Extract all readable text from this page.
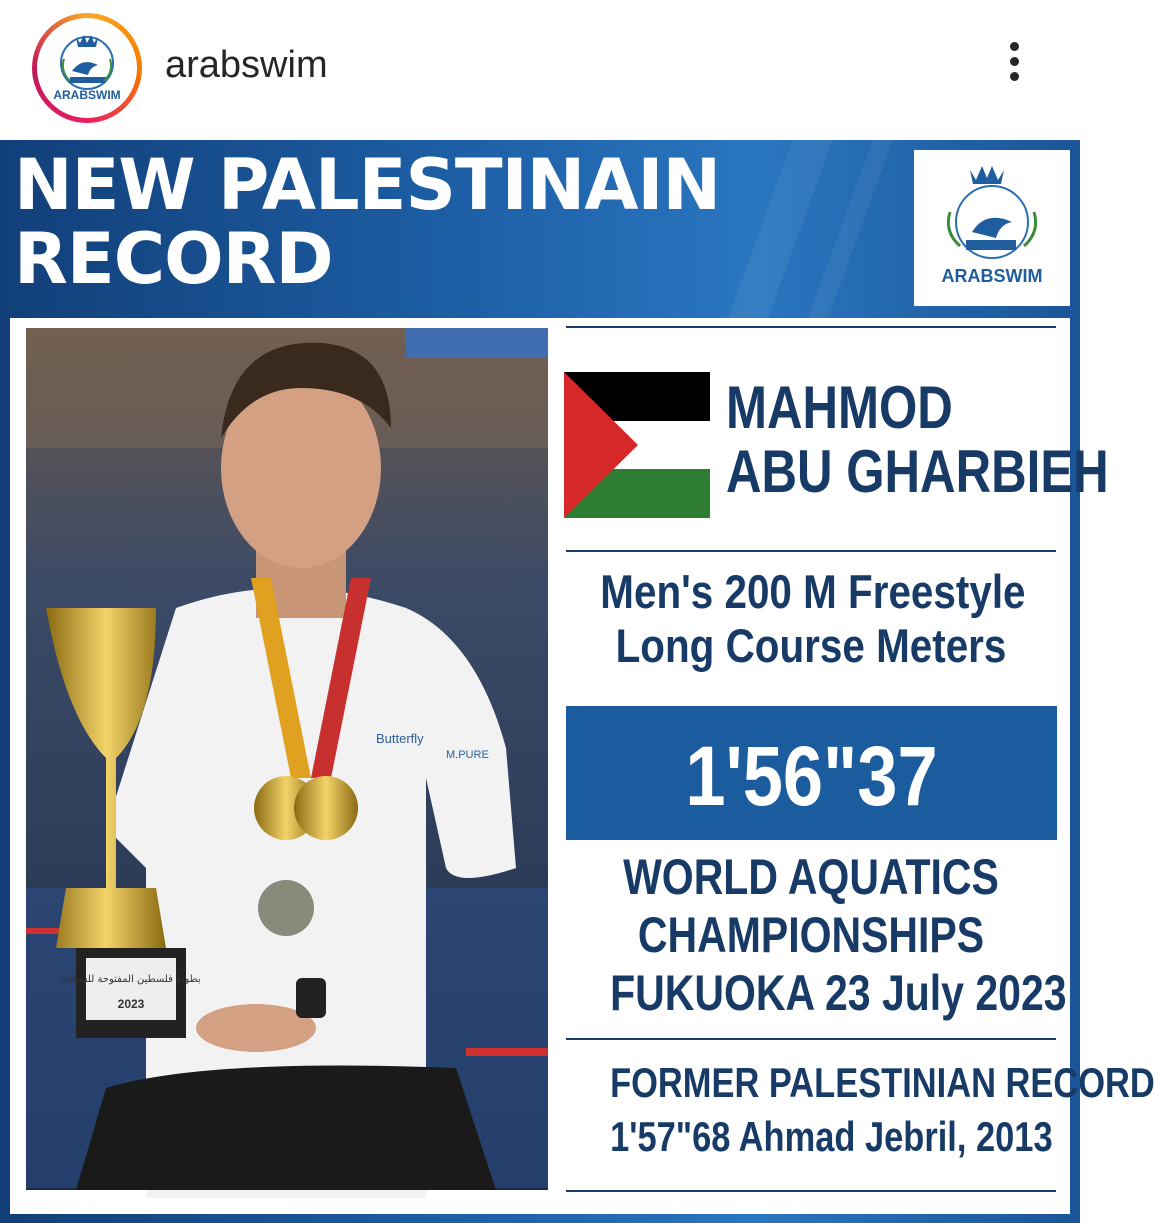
ARABSWIM
arabswim
NEW PALESTINAIN
RECORD	ARABSWIM
بطولة فلسطين المفتوحة للسباحة
2023
Butterfly
M.PURE
MAHMOD
ABU GHARBIEH
Men's 200 M Freestyle
Long Course Meters
1'56"37
WORLD AQUATICS
CHAMPIONSHIPS
FUKUOKA 23 July 2023
FORMER PALESTINIAN RECORD
1'57"68 Ahmad Jebril, 2013
